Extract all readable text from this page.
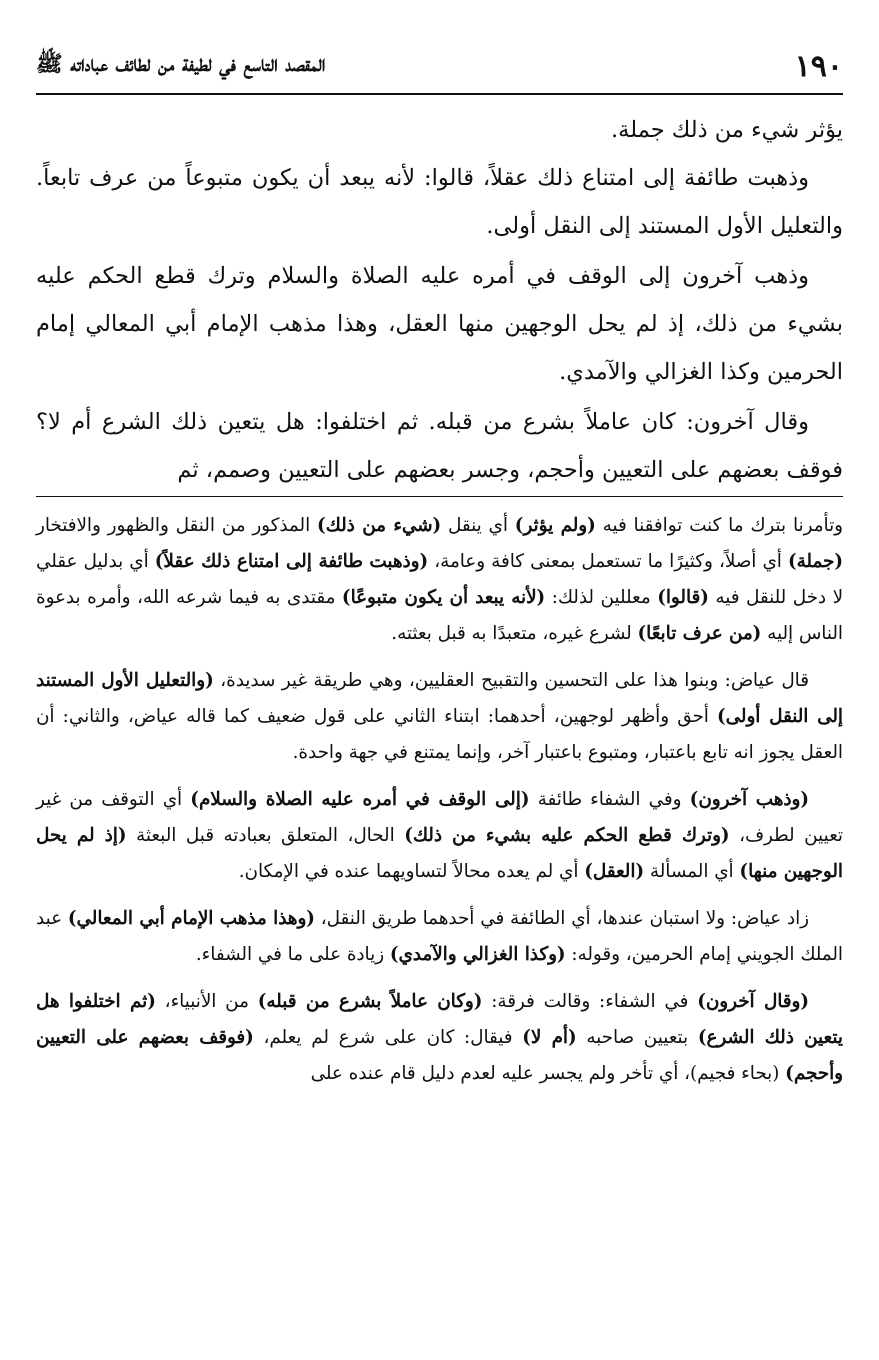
١٩٠
المقصد التاسع في لطيفة من لطائف عباداته ﷺ

يؤثر شيء من ذلك جملة.

وذهبت طائفة إلى امتناع ذلك عقلاً، قالوا: لأنه يبعد أن يكون متبوعاً من عرف تابعاً. والتعليل الأول المستند إلى النقل أولى.

وذهب آخرون إلى الوقف في أمره عليه الصلاة والسلام وترك قطع الحكم عليه بشيء من ذلك، إذ لم يحل الوجهين منها العقل، وهذا مذهب الإمام أبي المعالي إمام الحرمين وكذا الغزالي والآمدي.

وقال آخرون: كان عاملاً بشرع من قبله. ثم اختلفوا: هل يتعين ذلك الشرع أم لا؟ فوقف بعضهم على التعيين وأحجم، وجسر بعضهم على التعيين وصمم، ثم

وتأمرنا بترك ما كنت توافقنا فيه (ولم يؤثر) أي ينقل (شيء من ذلك) المذكور من النقل والظهور والافتخار (جملة) أي أصلاً، وكثيرًا ما تستعمل بمعنى كافة وعامة، (وذهبت طائفة إلى امتناع ذلك عقلاً) أي بدليل عقلي لا دخل للنقل فيه (قالوا) معللين لذلك: (لأنه يبعد أن يكون متبوعًا) مقتدى به فيما شرعه الله، وأمره بدعوة الناس إليه (من عرف تابعًا) لشرع غيره، متعبدًا به قبل بعثته.

قال عياض: وبنوا هذا على التحسين والتقبيح العقليين، وهي طريقة غير سديدة، (والتعليل الأول المستند إلى النقل أولى) أحق وأظهر لوجهين، أحدهما: ابتناء الثاني على قول ضعيف كما قاله عياض، والثاني: أن العقل يجوز انه تابع باعتبار، ومتبوع باعتبار آخر، وإنما يمتنع في جهة واحدة.

(وذهب آخرون) وفي الشفاء طائفة (إلى الوقف في أمره عليه الصلاة والسلام) أي التوقف من غير تعيين لطرف، (وترك قطع الحكم عليه بشيء من ذلك) الحال، المتعلق بعبادته قبل البعثة (إذ لم يحل الوجهين منها) أي المسألة (العقل) أي لم يعده محالاً لتساويهما عنده في الإمكان.

زاد عياض: ولا استبان عندها، أي الطائفة في أحدهما طريق النقل، (وهذا مذهب الإمام أبي المعالي) عبد الملك الجويني إمام الحرمين، وقوله: (وكذا الغزالي والآمدي) زيادة على ما في الشفاء.

(وقال آخرون) في الشفاء: وقالت فرقة: (وكان عاملاً بشرع من قبله) من الأنبياء، (ثم اختلفوا هل يتعين ذلك الشرع) بتعيين صاحبه (أم لا) فيقال: كان على شرع لم يعلم، (فوقف بعضهم على التعيين وأحجم) (بحاء فجيم)، أي تأخر ولم يجسر عليه لعدم دليل قام عنده على
